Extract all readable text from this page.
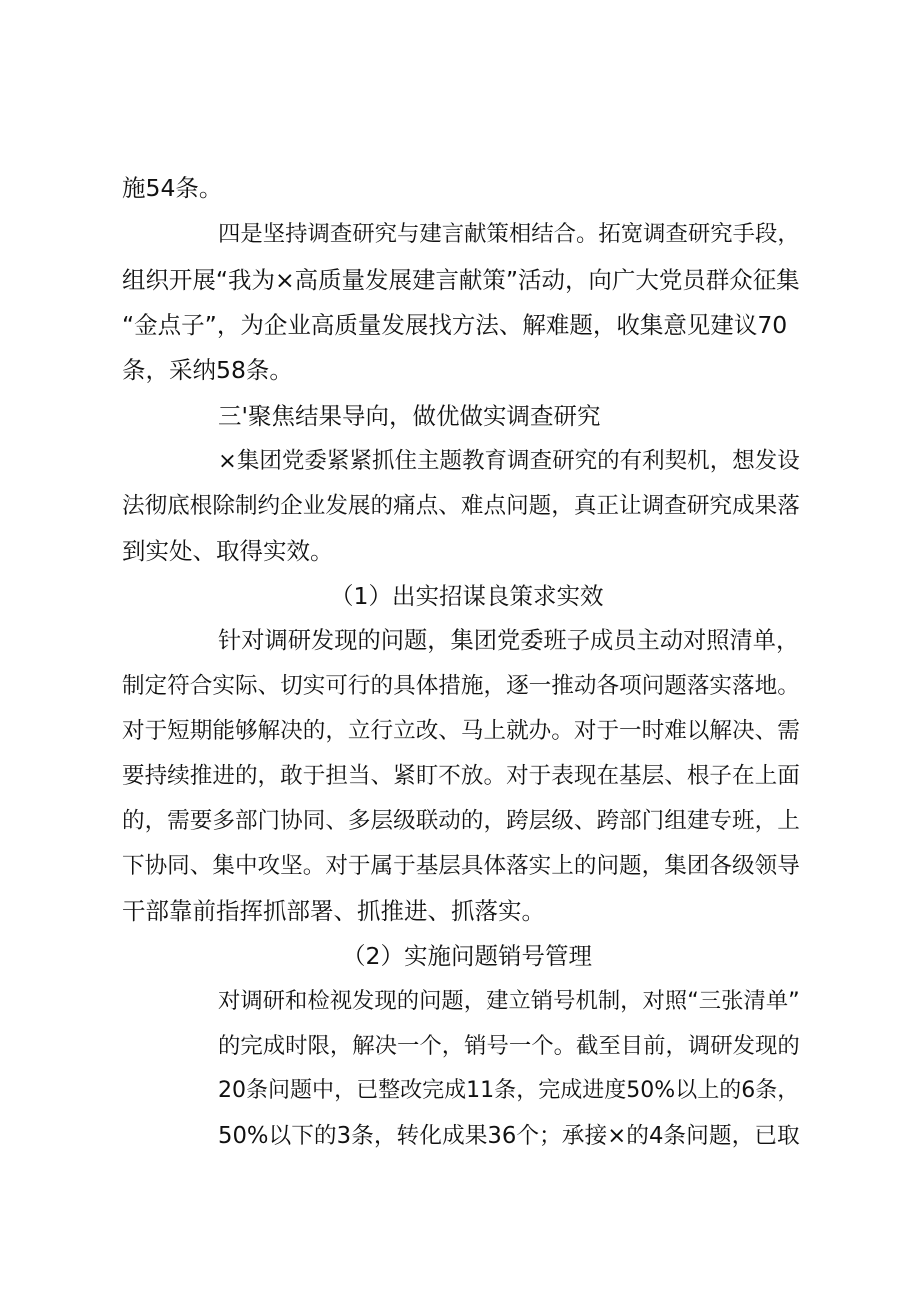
施54条。
四是坚持调查研究与建言献策相结合。拓宽调查研究手段，
组织开展“我为×高质量发展建言献策”活动，向广大党员群众征集
“金点子”，为企业高质量发展找方法、解难题，收集意见建议70
条，采纳58条。
三'聚焦结果导向，做优做实调查研究
×集团党委紧紧抓住主题教育调查研究的有利契机，想发设
法彻底根除制约企业发展的痛点、难点问题，真正让调查研究成果落
到实处、取得实效。
（1）出实招谋良策求实效
针对调研发现的问题，集团党委班子成员主动对照清单，
制定符合实际、切实可行的具体措施，逐一推动各项问题落实落地。
对于短期能够解决的，立行立改、马上就办。对于一时难以解决、需
要持续推进的，敢于担当、紧盯不放。对于表现在基层、根子在上面
的，需要多部门协同、多层级联动的，跨层级、跨部门组建专班，上
下协同、集中攻坚。对于属于基层具体落实上的问题，集团各级领导
干部靠前指挥抓部署、抓推进、抓落实。
（2）实施问题销号管理
对调研和检视发现的问题，建立销号机制，对照“三张清单”
的完成时限，解决一个，销号一个。截至目前，调研发现的
20条问题中，已整改完成11条，完成进度50%以上的6条，
50%以下的3条，转化成果36个；承接×的4条问题，已取
